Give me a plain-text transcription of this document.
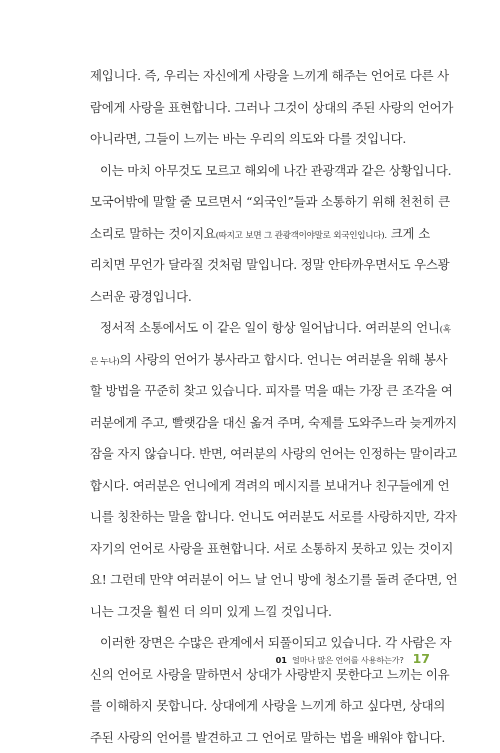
제입니다. 즉, 우리는 자신에게 사랑을 느끼게 해주는 언어로 다른 사
람에게 사랑을 표현합니다. 그러나 그것이 상대의 주된 사랑의 언어가
아니라면, 그들이 느끼는 바는 우리의 의도와 다를 것입니다.
이는 마치 아무것도 모르고 해외에 나간 관광객과 같은 상황입니다.
모국어밖에 말할 줄 모르면서 “외국인”들과 소통하기 위해 천천히 큰
소리로 말하는 것이지요(따지고 보면 그 관광객이야말로 외국인입니다). 크게 소
리치면 무언가 달라질 것처럼 말입니다. 정말 안타까우면서도 우스꽝
스러운 광경입니다.
정서적 소통에서도 이 같은 일이 항상 일어납니다. 여러분의 언니(혹
은 누나)의 사랑의 언어가 봉사라고 합시다. 언니는 여러분을 위해 봉사
할 방법을 꾸준히 찾고 있습니다. 피자를 먹을 때는 가장 큰 조각을 여
러분에게 주고, 빨랫감을 대신 옮겨 주며, 숙제를 도와주느라 늦게까지
잠을 자지 않습니다. 반면, 여러분의 사랑의 언어는 인정하는 말이라고
합시다. 여러분은 언니에게 격려의 메시지를 보내거나 친구들에게 언
니를 칭찬하는 말을 합니다. 언니도 여러분도 서로를 사랑하지만, 각자
자기의 언어로 사랑을 표현합니다. 서로 소통하지 못하고 있는 것이지
요! 그런데 만약 여러분이 어느 날 언니 방에 청소기를 돌려 준다면, 언
니는 그것을 훨씬 더 의미 있게 느낄 것입니다.
이러한 장면은 수많은 관계에서 되풀이되고 있습니다. 각 사람은 자
신의 언어로 사랑을 말하면서 상대가 사랑받지 못한다고 느끼는 이유
를 이해하지 못합니다. 상대에게 사랑을 느끼게 하고 싶다면, 상대의
주된 사랑의 언어를 발견하고 그 언어로 말하는 법을 배워야 합니다.
01 얼마나 많은 언어를 사용하는가? 17
